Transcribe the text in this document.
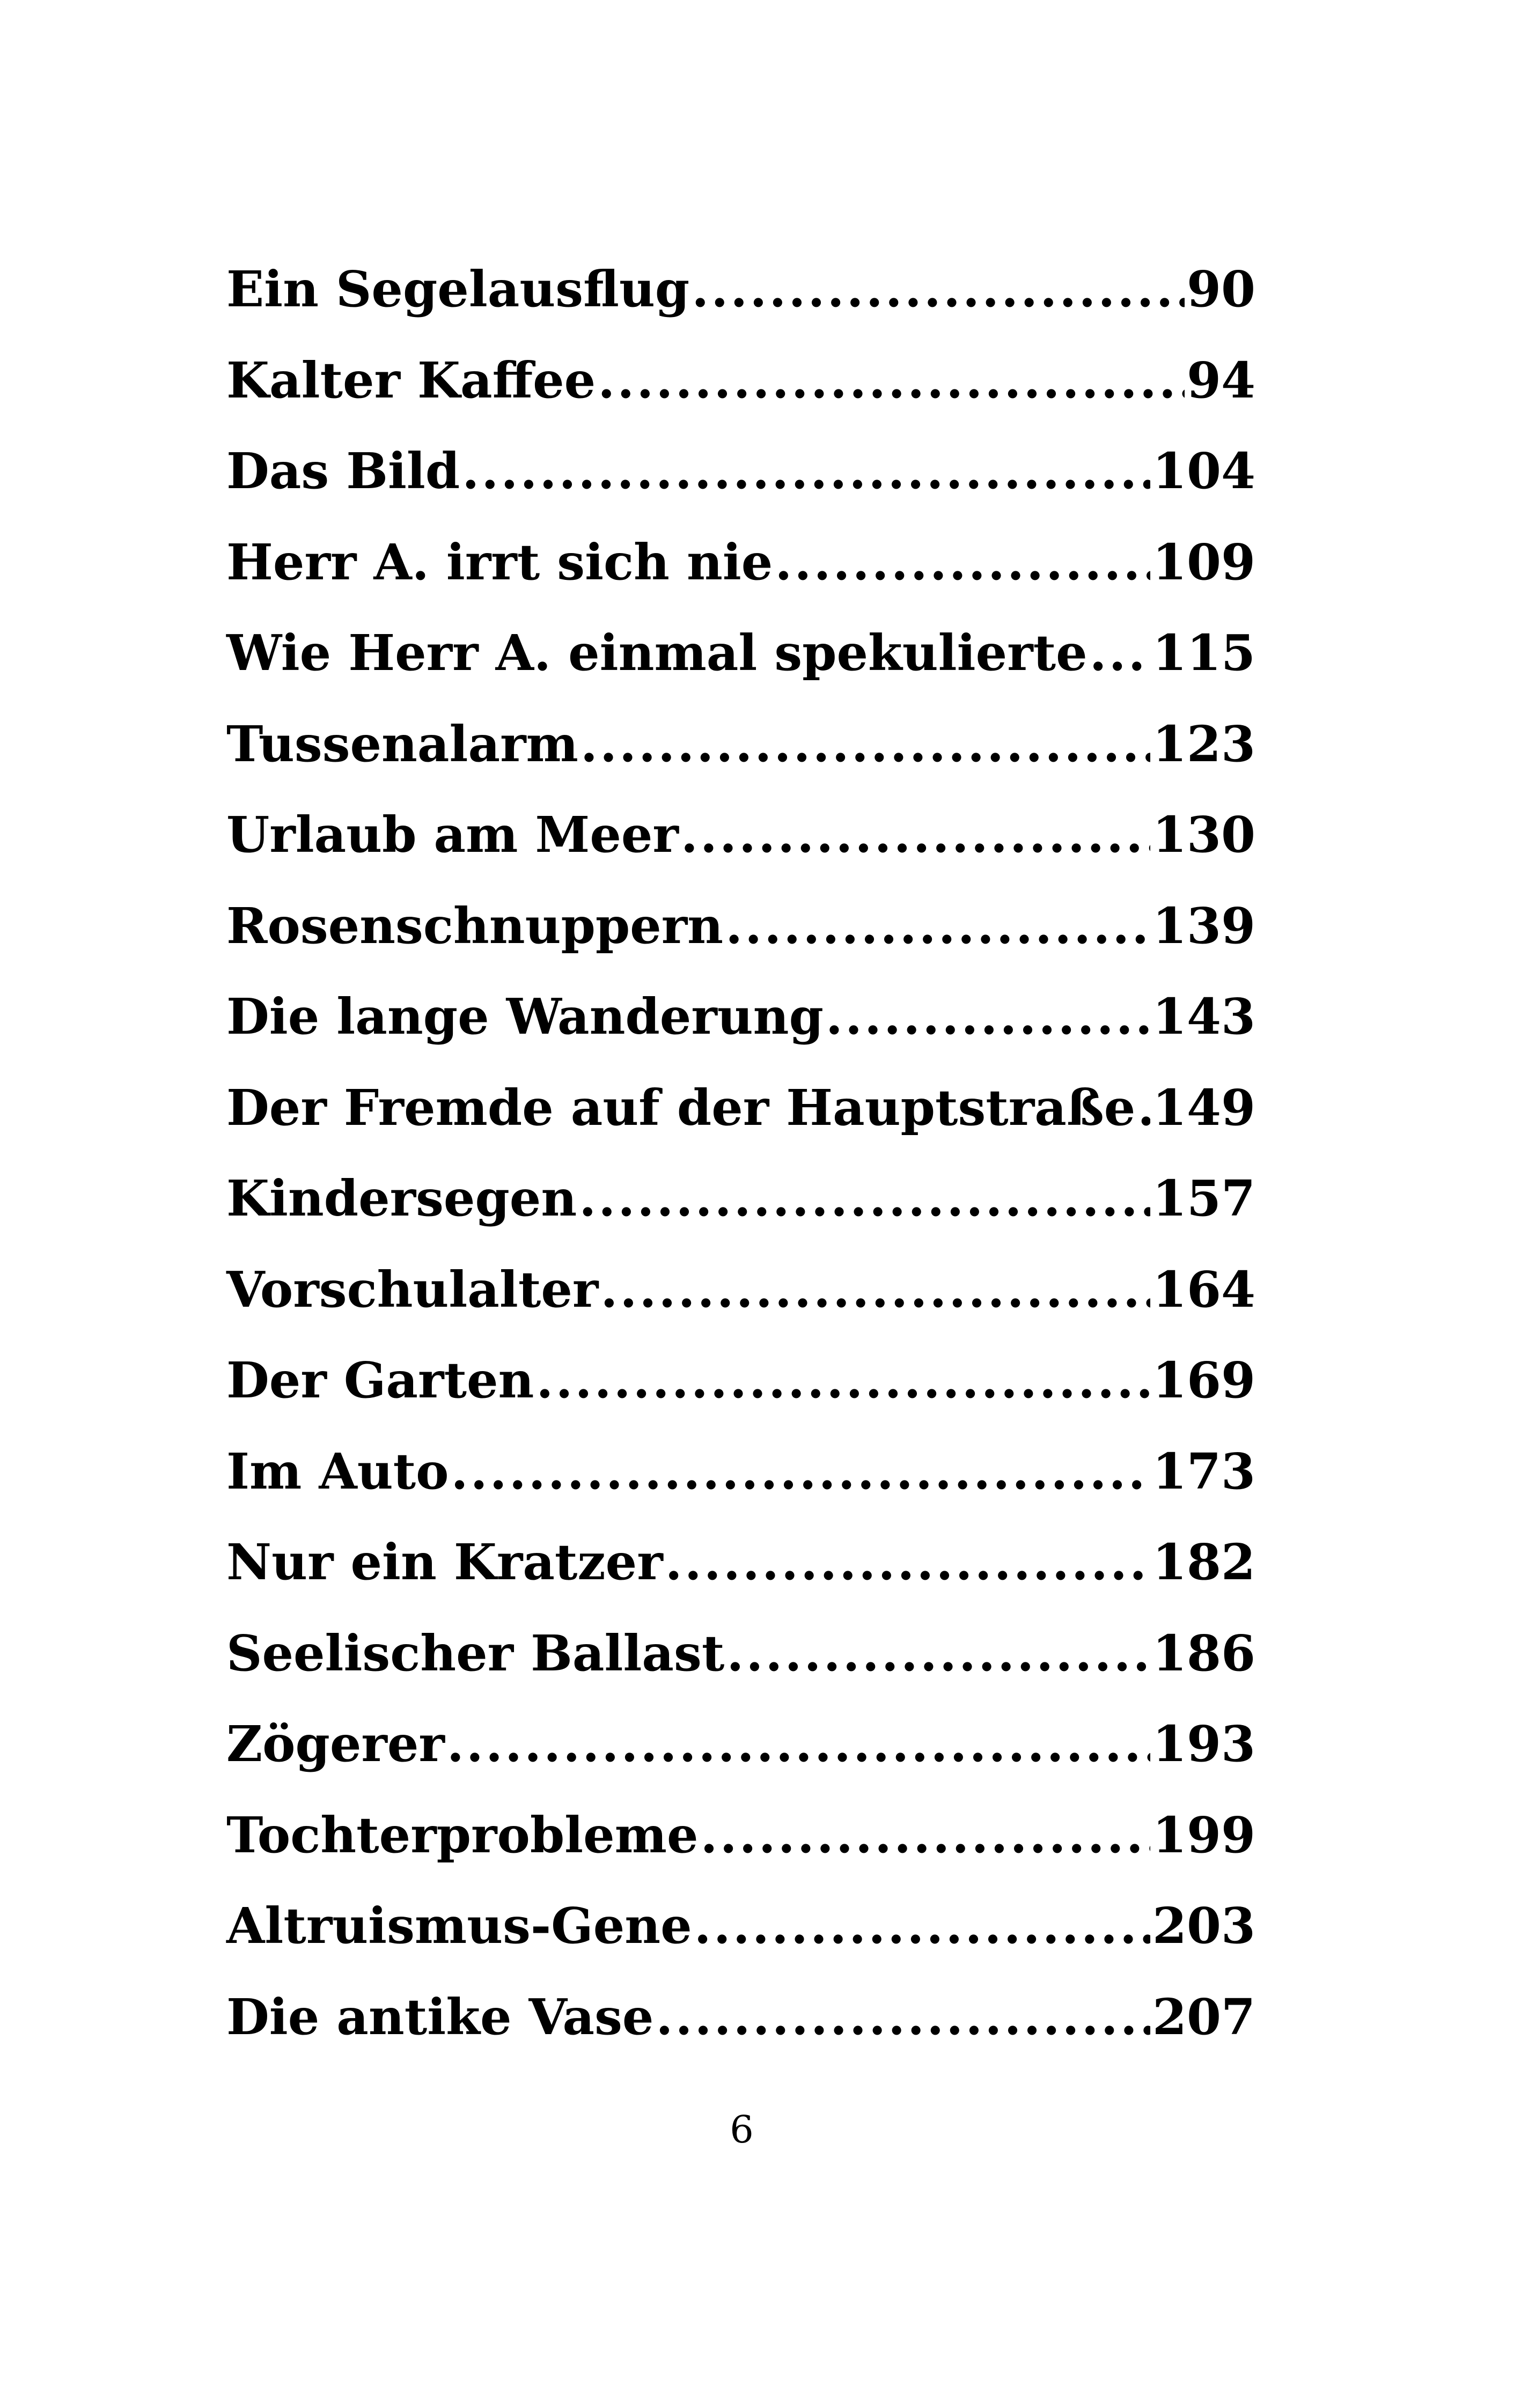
Ein Segelausflug . . .	90
Kalter Kaffee . . .	94
Das Bild . . .	104
Herr A. irrt sich nie . . .	109
Wie Herr A. einmal spekulierte . . . 115
Tussenalarm . . .	123
Urlaub am Meer . . .	130
Rosenschnuppern . . .	139
Die lange Wanderung . . .	143
Der Fremde auf der Hauptstraße . . . 149
Kindersegen . . .	157
Vorschulalter . . .	164
Der Garten . . .	169
Im Auto . . .	173
Nur ein Kratzer . . .	182
Seelischer Ballast . . .	186
Zögerer . . .	193
Tochterprobleme . . .	199
Altruismus-Gene . . .	203
Die antike Vase . . .	207
6
